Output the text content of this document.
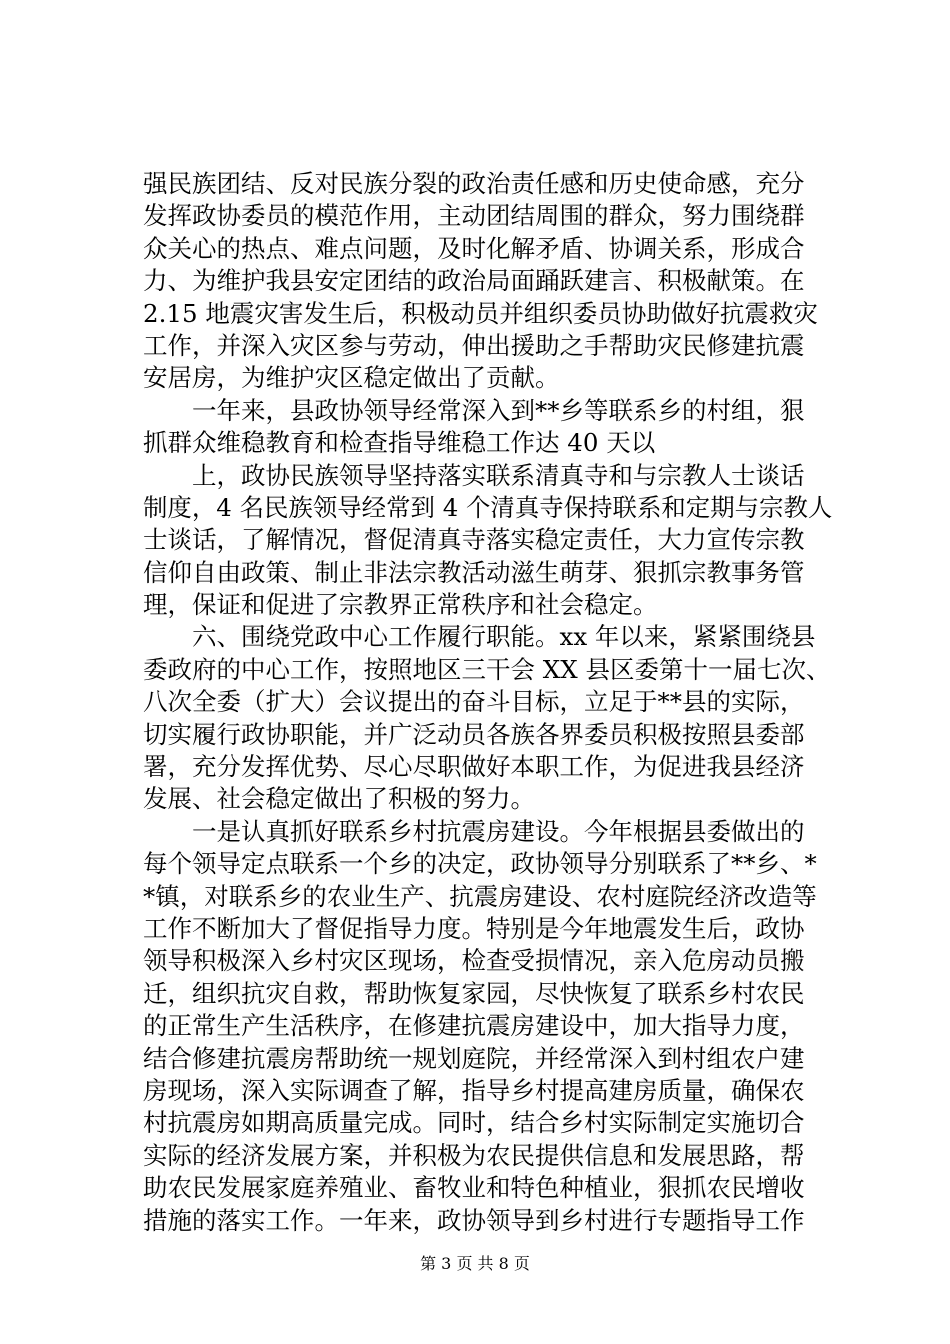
强民族团结、反对民族分裂的政治责任感和历史使命感，充分
发挥政协委员的模范作用，主动团结周围的群众，努力围绕群
众关心的热点、难点问题，及时化解矛盾、协调关系，形成合
力、为维护我县安定团结的政治局面踊跃建言、积极献策。在
2.15 地震灾害发生后，积极动员并组织委员协助做好抗震救灾
工作，并深入灾区参与劳动，伸出援助之手帮助灾民修建抗震
安居房，为维护灾区稳定做出了贡献。
　　一年来，县政协领导经常深入到**乡等联系乡的村组，狠
抓群众维稳教育和检查指导维稳工作达 40 天以
　　上，政协民族领导坚持落实联系清真寺和与宗教人士谈话
制度，4 名民族领导经常到 4 个清真寺保持联系和定期与宗教人
士谈话，了解情况，督促清真寺落实稳定责任，大力宣传宗教
信仰自由政策、制止非法宗教活动滋生萌芽、狠抓宗教事务管
理，保证和促进了宗教界正常秩序和社会稳定。
　　六、围绕党政中心工作履行职能。xx 年以来，紧紧围绕县
委政府的中心工作，按照地区三干会 XX 县区委第十一届七次、
八次全委（扩大）会议提出的奋斗目标，立足于**县的实际，
切实履行政协职能，并广泛动员各族各界委员积极按照县委部
署，充分发挥优势、尽心尽职做好本职工作，为促进我县经济
发展、社会稳定做出了积极的努力。
　　一是认真抓好联系乡村抗震房建设。今年根据县委做出的
每个领导定点联系一个乡的决定，政协领导分别联系了**乡、*
*镇，对联系乡的农业生产、抗震房建设、农村庭院经济改造等
工作不断加大了督促指导力度。特别是今年地震发生后，政协
领导积极深入乡村灾区现场，检查受损情况，亲入危房动员搬
迁，组织抗灾自救，帮助恢复家园，尽快恢复了联系乡村农民
的正常生产生活秩序，在修建抗震房建设中，加大指导力度，
结合修建抗震房帮助统一规划庭院，并经常深入到村组农户建
房现场，深入实际调查了解，指导乡村提高建房质量，确保农
村抗震房如期高质量完成。同时，结合乡村实际制定实施切合
实际的经济发展方案，并积极为农民提供信息和发展思路，帮
助农民发展家庭养殖业、畜牧业和特色种植业，狠抓农民增收
措施的落实工作。一年来，政协领导到乡村进行专题指导工作
第 3 页 共 8 页
